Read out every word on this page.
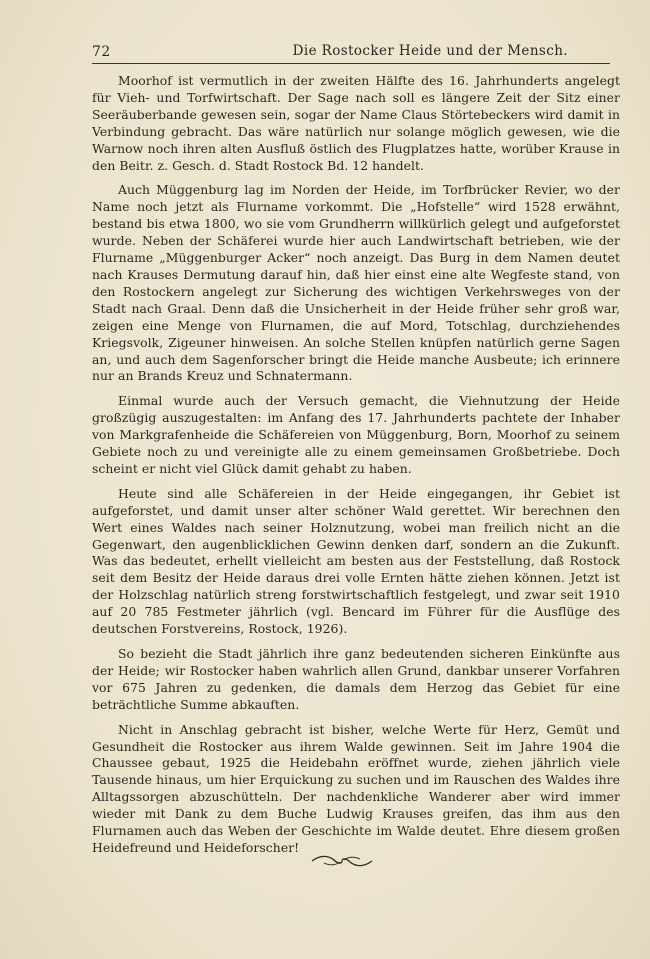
72	Die Rostocker Heide und der Mensch.

Moorhof ist vermutlich in der zweiten Hälfte des 16. Jahrhunderts angelegt für Vieh- und Torfwirtschaft. Der Sage nach soll es längere Zeit der Sitz einer Seeräuberbande gewesen sein, sogar der Name Claus Störtebeckers wird damit in Verbindung gebracht. Das wäre natürlich nur solange möglich gewesen, wie die Warnow noch ihren alten Ausfluß östlich des Flugplatzes hatte, worüber Krause in den Beitr. z. Gesch. d. Stadt Rostock Bd. 12 handelt.

Auch Müggenburg lag im Norden der Heide, im Torfbrücker Revier, wo der Name noch jetzt als Flurname vorkommt. Die „Hofstelle“ wird 1528 erwähnt, bestand bis etwa 1800, wo sie vom Grundherrn willkürlich gelegt und aufgeforstet wurde. Neben der Schäferei wurde hier auch Landwirtschaft betrieben, wie der Flurname „Müggenburger Acker“ noch anzeigt. Das Burg in dem Namen deutet nach Krauses Dermutung darauf hin, daß hier einst eine alte Wegfeste stand, von den Rostockern angelegt zur Sicherung des wichtigen Verkehrsweges von der Stadt nach Graal. Denn daß die Unsicherheit in der Heide früher sehr groß war, zeigen eine Menge von Flurnamen, die auf Mord, Totschlag, durchziehendes Kriegsvolk, Zigeuner hinweisen. An solche Stellen knüpfen natürlich gerne Sagen an, und auch dem Sagenforscher bringt die Heide manche Ausbeute; ich erinnere nur an Brands Kreuz und Schnatermann.

Einmal wurde auch der Versuch gemacht, die Viehnutzung der Heide großzügig auszugestalten: im Anfang des 17. Jahrhunderts pachtete der Inhaber von Markgrafenheide die Schäfereien von Müggenburg, Born, Moorhof zu seinem Gebiete noch zu und vereinigte alle zu einem gemeinsamen Großbetriebe. Doch scheint er nicht viel Glück damit gehabt zu haben.

Heute sind alle Schäfereien in der Heide eingegangen, ihr Gebiet ist aufgeforstet, und damit unser alter schöner Wald gerettet. Wir berechnen den Wert eines Waldes nach seiner Holznutzung, wobei man freilich nicht an die Gegenwart, den augenblicklichen Gewinn denken darf, sondern an die Zukunft. Was das bedeutet, erhellt vielleicht am besten aus der Feststellung, daß Rostock seit dem Besitz der Heide daraus drei volle Ernten hätte ziehen können. Jetzt ist der Holzschlag natürlich streng forstwirtschaftlich festgelegt, und zwar seit 1910 auf 20 785 Festmeter jährlich (vgl. Bencard im Führer für die Ausflüge des deutschen Forstvereins, Rostock, 1926).

So bezieht die Stadt jährlich ihre ganz bedeutenden sicheren Einkünfte aus der Heide; wir Rostocker haben wahrlich allen Grund, dankbar unserer Vorfahren vor 675 Jahren zu gedenken, die damals dem Herzog das Gebiet für eine beträchtliche Summe abkauften.

Nicht in Anschlag gebracht ist bisher, welche Werte für Herz, Gemüt und Gesundheit die Rostocker aus ihrem Walde gewinnen. Seit im Jahre 1904 die Chaussee gebaut, 1925 die Heidebahn eröffnet wurde, ziehen jährlich viele Tausende hinaus, um hier Erquickung zu suchen und im Rauschen des Waldes ihre Alltagssorgen abzuschütteln. Der nachdenkliche Wanderer aber wird immer wieder mit Dank zu dem Buche Ludwig Krauses greifen, das ihm aus den Flurnamen auch das Weben der Geschichte im Walde deutet. Ehre diesem großen Heidefreund und Heideforscher!
